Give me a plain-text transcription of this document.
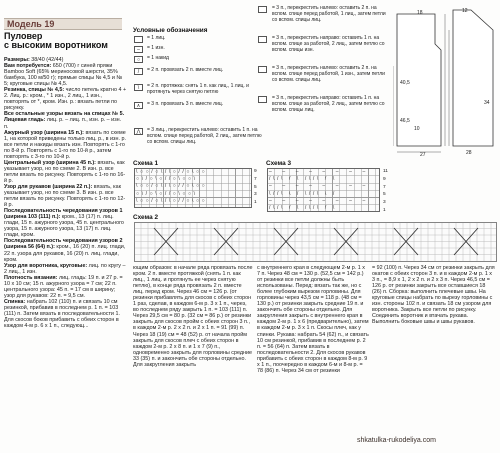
Модель 19
Пуловер
с высоким воротником

Размеры: 38/40 (42/44)

Вам потребуется: 650 (700) г синей пряжи Bamboo Soft (65% мериносовой шерсти, 35% бамбука, 100 м/50 г); прямые спицы № 4,5 и № 5; круговые спицы № 4,5.

Резинка, спицы № 4,5: число петель кратно 4 + 2. Лиц. р.: кром., * 1 изн., 2 лиц., 1 изн., повторять от *, кром. Изн. р.: вязать петли по рисунку.

Все остальные узоры вязать на спицах № 5.

Лицевая гладь: лиц. р. – лиц. п., изн. р. – изн. п.

Ажурный узор (ширина 15 п.): вязать по схеме 1, на которой приведены только лиц. р., в изн. р. все петли и накиды вязать изн. Повторять с 1-го по 8-й р. Повторять с 1-го по 10-й р., затем повторять с 3-го по 10-й р.

Центральный узор (ширина 45 п.): вязать, как указывает узор, но по схеме 2. В изн. р. все петли вязать по рисунку. Повторять с 1-го по 16-й р.

Узор для рукавов (ширина 22 п.): вязать, как указывает узор, но по схеме 3. В изн. р. все петли вязать по рисунку. Повторять с 1-го по 12-й р.

Последовательность чередования узоров 1 (ширина 103 (111) п.): кром., 13 (17) п. лиц. глади, 15 п. ажурного узора, 45 п. центрального узора, 15 п. ажурного узора, 13 (17) п. лиц. глади, кром.

Последовательность чередования узоров 2 (ширина 56 (64) п.): кром., 16 (20) п. лиц. глади, 22 п. узора для рукавов, 16 (20) п. лиц. глади, кром.

Узор для воротника, круговые: лиц. по кругу – 2 лиц., 1 изн.

Плотность вязания: лиц. гладь: 19 п. и 27 р. = 10 х 10 см; 15 п. ажурного узора = 7 см; 22 п. центрального узора: 45 п. = 17 см в ширину; узор для рукавов: 22 п. = 9,5 см.

Спинка: набрать 102 (110) п. и связать 10 см резинкой, прибавив в последнем р. 1 п. = 103 (111) п. Затем вязать в последовательности 1. Для скосов боков прибавить с обеих сторон в каждом 4-м р. 6 х 1 п., следующ...

Условные обозначения
= 1 лиц.
–	= 1 изн.
○	= 1 накид
/	= 2 п. провязать 2 п. вместе лиц.
\	= 2 п. протяжка: снять 1 п. как лиц., 1 лиц. и протянуть через снятую петлю
∧	= 3 п. провязать 3 п. вместе лиц.
⋀	= 3 лиц., перекрестить налево: оставить 1 п. на вспом. спице перед работой, 2 лиц., затем петлю со вспом. спицы лиц.
= 3 п., перекрестить налево: оставить 2 п. на вспом. спице перед работой, 1 лиц., затем петли со вспом. спицы лиц.
= 3 п., перекрестить направо: оставить 1 п. на вспом. спице за работой, 2 лиц., затем петлю со вспом. спицы изн.
= 3 п., перекрестить налево: оставить 2 п. на вспом. спице перед работой, 1 изн., затем петли со вспом. спицы лиц.
= 3 п., перекрестить направо: оставить 1 п. на вспом. спице за работой, 2 лиц., затем петлю со вспом. спицы лиц.
Схема 1
\○○/○\/\○//○\○○
○\/○\○//○\○○\
\○○/○\/\○//○\○○
○\/○\○//○\○○\
\○○/○\/\○//○\○○
9
7
5
3
1
Схема 3
–  –  –  –  –  –  –  –
/\/\ / \ /\/\ / \
–  –  –  –  –  –  –  –
\//\ \ / \//\ \ /
–  –  –  –  –  –  –  –
/\/\ / \ /\/\ / \
11
9
7
5
3
1
Схема 2

ющим образом: в начале ряда провязать после кром. 2 п. вместе протяжкой (снять 1 п. как лиц., 1 лиц. и протянуть ее через снятую петлю), в конце ряда провязать 2 п. вместе лиц. перед кром. Через 46 см = 126 р. (от резинки прибавлять для скосов с обеих сторон 1 раз, сделав, в каждом 6-м р. 3 х 1 п., через, во последнем ряду закрыть 1 п. = 103 (111) п. Через 29,5 см = 80 р. (32 см = 86 р.) от резинки закрыть для скосов пройм с обеих сторон 3 п., в каждом 2-м р. 2 х 2 п. и 2 х 1 п. = 91 (99) п. Через 18 (19) см = 48 (52) р. от начала пройм закрыть для скосов плеч с обеих сторон в каждом 2-м р. 2 х 8 п. и 1 х 7 (9) п., одновременно закрыть для горловины средние 33 (35) п. и закончить обе стороны отдельно. Для закругления закрыть

с внутреннего края в следующем 2-м р. 1 х 7 п. Через 48 см = 130 р. (52,5 см = 142 р.) от резинки все петли должны быть использованы. Перед: вязать так же, но с более глубоким вырезом горловины. Для горловины через 43,5 см = 118 р. (48 см = 130 р.) от резинки закрыть средние 19 п. и закончить обе стороны отдельно. Для закругления закрыть с внутреннего края в каждом 2-м р. 1 х 6 (предварительно), затем в каждом 2-м р. 3 х 1 п. Скосы плеч, как у спинки. Рукава: набрать 54 (62) п., и связать 10 см резинкой, прибавив в последнем р. 2 п. = 56 (64) п. Затем вязать в последовательности 2. Для скосов рукавов прибавить с обеих сторон в каждом 8-м р. 9 х 1 п., поочередно в каждом 6-м и 8-м р. = 78 (86) п. Через 34 см от резинки

= 92 (100) п. Через 34 см от резинки закрыть для окатов с обеих сторон 3 п. и в каждом 2-м р. 1 х 3 п., = 8,9 х 1, 2 х 2 п. и 2 х 3 п. Через 46,5 см = 126 р. от резинки закрыть все оставшиеся 18 (26) п. Сборка: выполнить плечевые швы. На круговые спицы набрать по вырезу горловины с изн. стороны 102 п. и связать 18 см узором для воротника. Закрыть все петли по рисунку. Соединить воротник и втачать рукава. Выполнить боковые швы и швы рукавов.

40,5
46,5
18
10
27
34
12
28
shkatulka-rukodeliya.com
